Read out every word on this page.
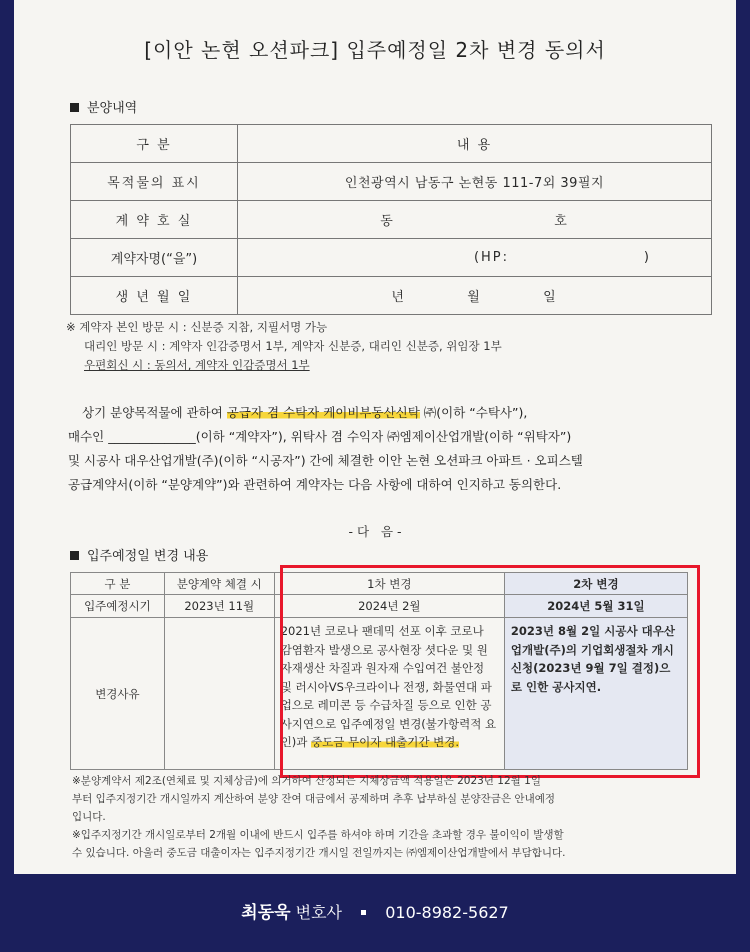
[이안 논현 오션파크] 입주예정일 2차 변경 동의서
분양내역
구 분	내 용
목적물의 표시	인천광역시 남동구 논현동 111-7외 39필지
계 약 호 실	동                          호
계약자명(“을”)	(HP:                      )
생 년 월 일	년          월          일
※ 계약자 본인 방문 시 : 신분증 지참, 지필서명 가능
대리인 방문 시 : 계약자 인감증명서 1부, 계약자 신분증, 대리인 신분증, 위임장 1부
우편회신 시 : 동의서, 계약자 인감증명서 1부
상기 분양목적물에 관하여 공급자 겸 수탁자 케이비부동산신탁 ㈜(이하 “수탁사”),
매수인 ______________(이하 “계약자”), 위탁사 겸 수익자 ㈜엠제이산업개발(이하 “위탁자”)
및 시공사 대우산업개발(주)(이하 “시공자”) 간에 체결한 이안 논현 오션파크 아파트 · 오피스텔
공급계약서(이하 “분양계약”)와 관련하여 계약자는 다음 사항에 대하여 인지하고 동의한다.
- 다   음 -
입주예정일 변경 내용
구 분	분양계약 체결 시	1차 변경	2차 변경
입주예정시기	2023년 11월	2024년 2월	2024년 5월 31일
변경사유		2021년 코로나 팬데믹 선포 이후 코로나 감염환자 발생으로 공사현장 셧다운 및 원자재생산 차질과 원자재 수입여건 불안정 및 러시아VS우크라이나 전쟁, 화물연대 파업으로 레미콘 등 수급차질 등으로 인한 공사지연으로 입주예정일 변경(불가항력적 요인)과 중도금 무이자 대출기간 변경.	2023년 8월 2일 시공사 대우산업개발(주)의 기업회생절차 개시신청(2023년 9월 7일 결정)으로 인한 공사지연.
※분양계약서 제2조(연체료 및 지체상금)에 의거하여 산정되는 지체상금액 적용일은 2023년 12월 1일
부터 입주지정기간 개시일까지 계산하여 분양 잔여 대금에서 공제하며 추후 납부하실 분양잔금은 안내예정
입니다.
※입주지정기간 개시일로부터 2개월 이내에 반드시 입주를 하셔야 하며 기간을 초과할 경우 불이익이 발생할
수 있습니다. 아울러 중도금 대출이자는 입주지정기간 개시일 전일까지는 ㈜엠제이산업개발에서 부담합니다.
최동욱 변호사	010-8982-5627
